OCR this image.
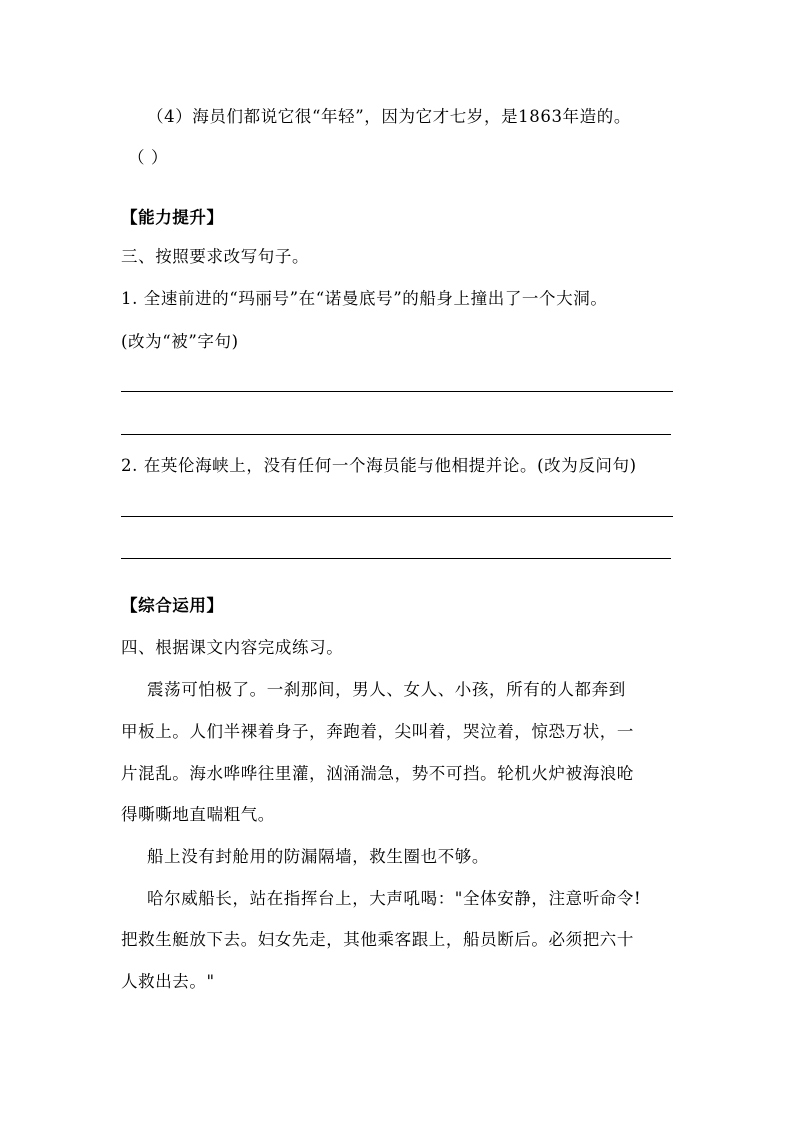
（4）海员们都说它很“年轻”，因为它才七岁，是1863年造的。
（ ）
【能力提升】
三、按照要求改写句子。
1. 全速前进的“玛丽号”在“诺曼底号”的船身上撞出了一个大洞。
(改为“被”字句)
2. 在英伦海峡上，没有任何一个海员能与他相提并论。(改为反问句)
【综合运用】
四、根据课文内容完成练习。
震荡可怕极了。一刹那间，男人、女人、小孩，所有的人都奔到
甲板上。人们半裸着身子，奔跑着，尖叫着，哭泣着，惊恐万状，一
片混乱。海水哗哗往里灌，汹涌湍急，势不可挡。轮机火炉被海浪呛
得嘶嘶地直喘粗气。
船上没有封舱用的防漏隔墙，救生圈也不够。
哈尔威船长，站在指挥台上，大声吼喝："全体安静，注意听命令!
把救生艇放下去。妇女先走，其他乘客跟上，船员断后。必须把六十
人救出去。"
